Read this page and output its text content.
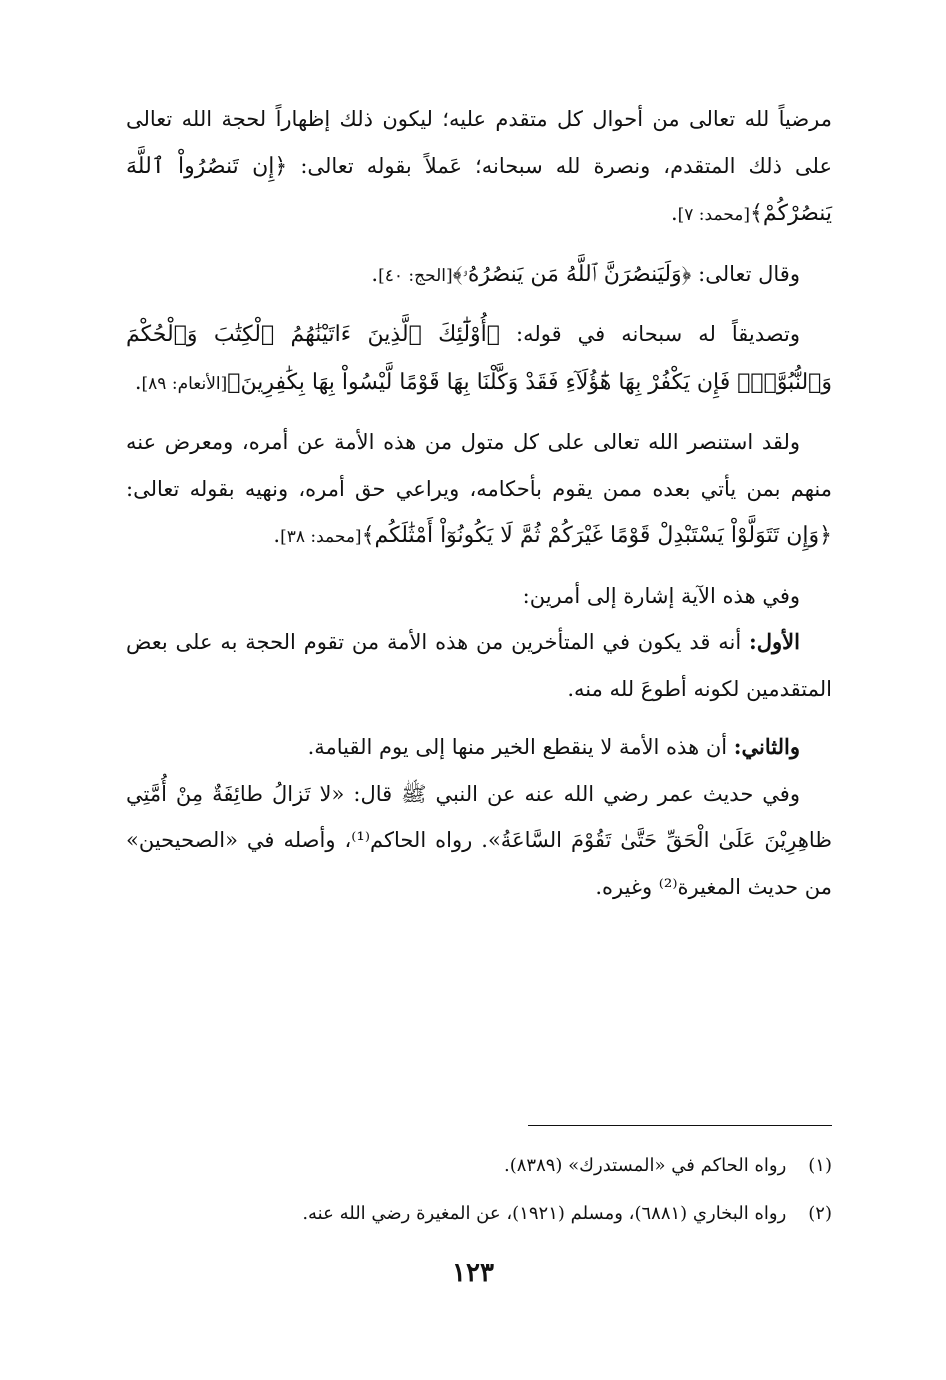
مرضياً لله تعالى من أحوال كل متقدم عليه؛ ليكون ذلك إظهاراً لحجة الله تعالى على ذلك المتقدم، ونصرة لله سبحانه؛ عَملاً بقوله تعالى: ﴿إِن تَنصُرُواْ ٱللَّهَ يَنصُرْكُمْ﴾[محمد: ٧].

وقال تعالى: ﴿وَلَيَنصُرَنَّ ٱللَّهُ مَن يَنصُرُهُۥ﴾[الحج: ٤٠].

وتصديقاً له سبحانه في قوله: ﴿أُوْلَٰٓئِكَ ٱلَّذِينَ ءَاتَيْنَٰهُمُ ٱلْكِتَٰبَ وَٱلْحُكْمَ وَٱلنُّبُوَّةَۚ فَإِن يَكْفُرْ بِهَا هَٰٓؤُلَآءِ فَقَدْ وَكَّلْنَا بِهَا قَوْمًا لَّيْسُواْ بِهَا بِكَٰفِرِينَ﴾[الأنعام: ٨٩].

ولقد استنصر الله تعالى على كل متول من هذه الأمة عن أمره، ومعرض عنه منهم بمن يأتي بعده ممن يقوم بأحكامه، ويراعي حق أمره، ونهيه بقوله تعالى: ﴿وَإِن تَتَوَلَّوْاْ يَسْتَبْدِلْ قَوْمًا غَيْرَكُمْ ثُمَّ لَا يَكُونُوٓاْ أَمْثَٰلَكُم﴾[محمد: ٣٨].

وفي هذه الآية إشارة إلى أمرين:

الأول: أنه قد يكون في المتأخرين من هذه الأمة من تقوم الحجة به على بعض المتقدمين لكونه أطوعَ لله منه.

والثاني: أن هذه الأمة لا ينقطع الخير منها إلى يوم القيامة.

وفي حديث عمر رضي الله عنه عن النبي ﷺ قال: «لا تَزالُ طائِفَةٌ مِنْ أُمَّتِي ظاهِرِيْنَ عَلَىٰ الْحَقِّ حَتَّىٰ تَقُوْمَ السَّاعَةُ». رواه الحاكم⁽¹⁾، وأصله في «الصحيحين» من حديث المغيرة⁽²⁾ وغيره.

(١) رواه الحاكم في «المستدرك» (٨٣٨٩).

(٢) رواه البخاري (٦٨٨١)، ومسلم (١٩٢١)، عن المغيرة رضي الله عنه.

١٢٣
